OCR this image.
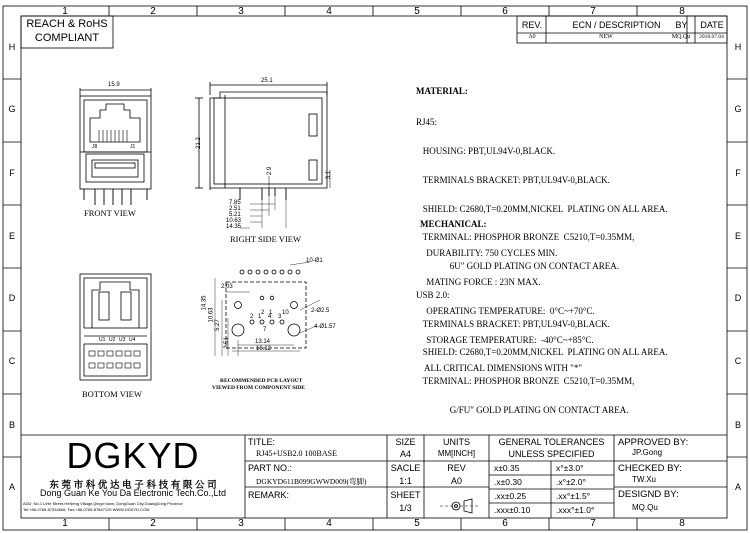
1	2	3	4	5	6	7	8
1	2	3	4	5	6	7	8
H
G
F
E
D
C
B
A
H
G
F
E
D
C
B
A
REACH & RoHS
COMPLIANT
REV.	ECN / DESCRIPTION	BY	DATE
A0	NEW	MQ.Qu	2018.07.04
FRONT VIEW
RIGHT SIDE VIEW
BOTTOM VIEW
RECOMMENDED PCB LAYOUT
VIEWED FROM COMPONENT SIDE
15.9
25.1
21.2
2.9	3.1
7.85
2.51
5.21
10.63
14.35
J8	J1
U1 U2 U3 U4
10-Ø1
2.03
14.35
10.63
5.27
2.51
2-Ø2.5
4-Ø1.57
7
13.14
16.12
2 1 10
2 1 4 3
MATERIAL:

RJ45:

HOUSING: PBT,UL94V-0,BLACK.

TERMINALS BRACKET: PBT,UL94V-0,BLACK.

SHIELD: C2680,T=0.20MM,NICKEL  PLATING ON ALL AREA.

TERMINAL: PHOSPHOR BRONZE  C5210,T=0.35MM,

6U" GOLD PLATING ON CONTACT AREA.

USB 2.0:

TERMINALS BRACKET: PBT,UL94V-0,BLACK.

SHIELD: C2680,T=0.20MM,NICKEL  PLATING ON ALL AREA.

TERMINAL: PHOSPHOR BRONZE  C5210,T=0.35MM,

G/FU" GOLD PLATING ON CONTACT AREA.

MECHANICAL:

DURABILITY: 750 CYCLES MIN.

MATING FORCE : 23N MAX.

OPERATING TEMPERATURE:  0°C~+70°C.

STORAGE TEMPERATURE:  -40°C~+85°C.

ALL CRITICAL DIMENSIONS WITH "*"

DGKYD
东 莞 市 科 优 达 电 子 科 技 有 限 公 司
Dong Guan Ke You Da Electronic Tech.Co.,Ltd
ADD: No.1 LiHe Street,HeNeng Village,Qingxi town, DongGuan City,GuangDong Province
Tel:+86-0769-87334606; Fax:+86-0769-87847129 WWW.DGKYD.COM
TITLE:
RJ45+USB2.0 100BASE
PART NO.:
DGKYD611B099GWWD009(弯脚)
REMARK:
SIZE
A4
SACLE
1:1
SHEET
1/3
UNITS
MM[INCH]
REV
A0
GENERAL TOLERANCES
UNLESS SPECIFIED
x±0.35	x°±3.0°
.x±0.30	.x°±2.0°
.xx±0.25	.xx°±1.5°
.xxx±0.10	.xxx°±1.0°
APPROVED BY:
JP.Gong
CHECKED BY:
TW.Xu
DESIGND BY:
MQ.Qu
